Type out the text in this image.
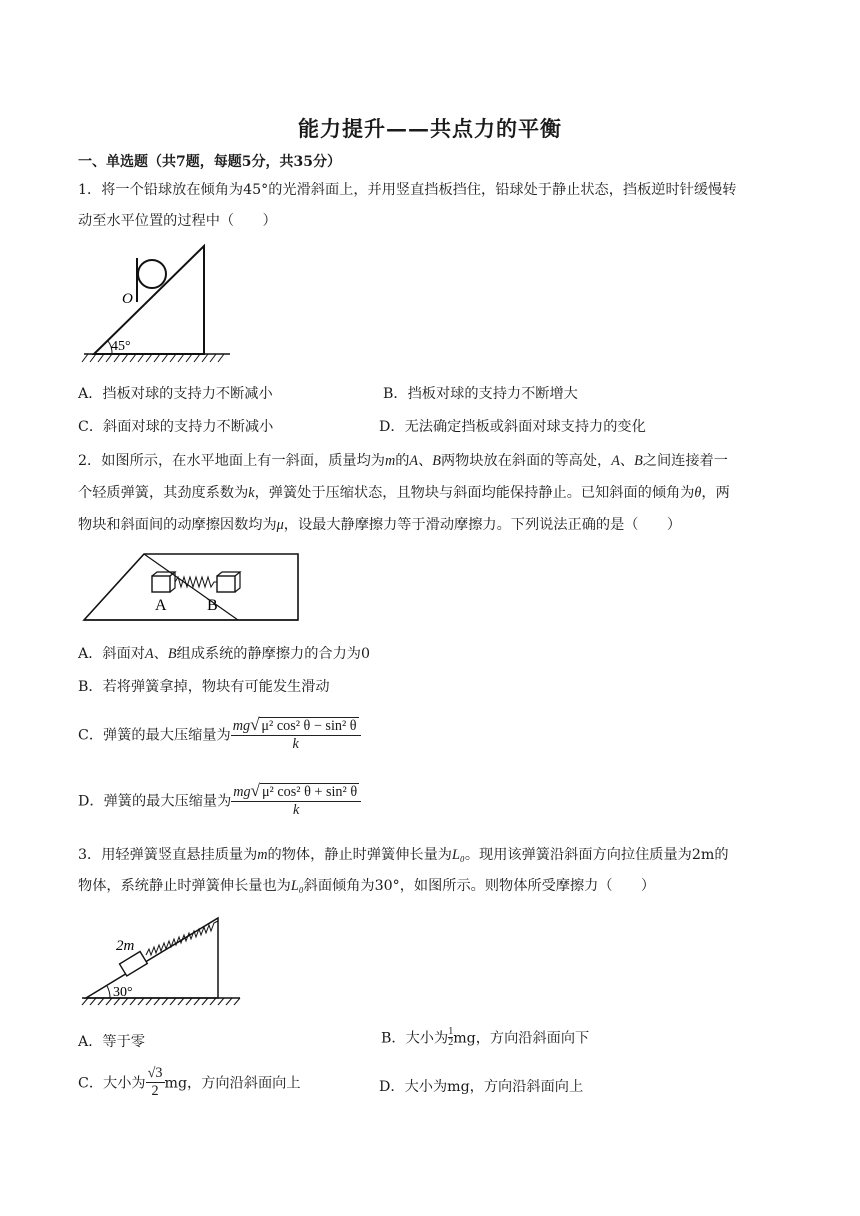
能力提升——共点力的平衡
一、单选题（共7题，每题5分，共35分）
1．将一个铅球放在倾角为45°的光滑斜面上，并用竖直挡板挡住，铅球处于静止状态，挡板逆时针缓慢转
动至水平位置的过程中（　　）
O
45°
A．挡板对球的支持力不断减小	B．挡板对球的支持力不断增大
C．斜面对球的支持力不断减小	D．无法确定挡板或斜面对球支持力的变化
2．如图所示，在水平地面上有一斜面，质量均为m的A、B两物块放在斜面的等高处，A、B之间连接着一
个轻质弹簧，其劲度系数为k，弹簧处于压缩状态，且物块与斜面均能保持静止。已知斜面的倾角为θ，两
物块和斜面间的动摩擦因数均为μ，设最大静摩擦力等于滑动摩擦力。下列说法正确的是（　　）
A	B
A．斜面对A、B组成系统的静摩擦力的合力为0
B．若将弹簧拿掉，物块有可能发生滑动
C．弹簧的最大压缩量为 $\frac{\text{mg√ μ² cos² θ − sin² θ}}{k}$
D．弹簧的最大压缩量为 $\frac{\text{mg√ μ² cos² θ + sin² θ}}{k}$
3．用轻弹簧竖直悬挂质量为m的物体，静止时弹簧伸长量为L₀。现用该弹簧沿斜面方向拉住质量为2m的
物体，系统静止时弹簧伸长量也为L₀斜面倾角为30°，如图所示。则物体所受摩擦力（　　）
2m
30°
A．等于零	B．大小为 $\frac{1}{2}$ mg，方向沿斜面向下
C．大小为 $\frac{√3}{2}$ mg，方向沿斜面向上	D．大小为mg，方向沿斜面向上
